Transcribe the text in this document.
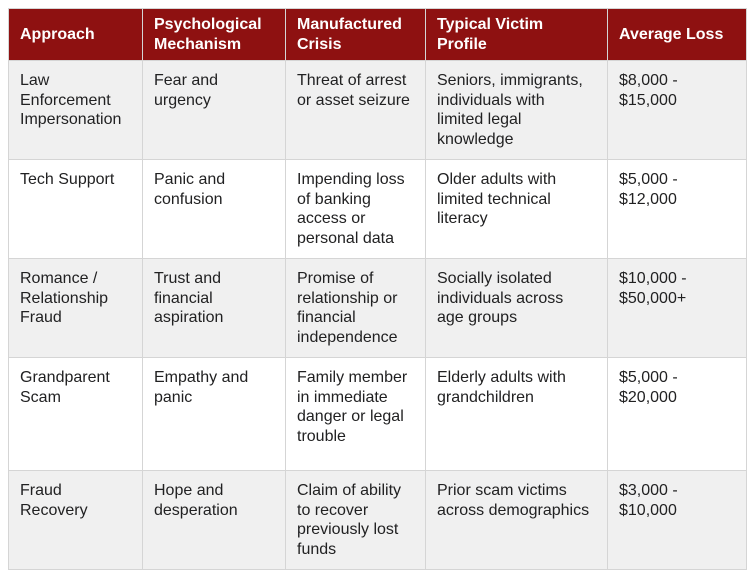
Approach	Psychological Mechanism	Manufactured Crisis	Typical Victim Profile	Average Loss
Law Enforcement Impersonation	Fear and urgency	Threat of arrest or asset seizure	Seniors, immigrants, individuals with limited legal knowledge	$8,000 - $15,000
Tech Support	Panic and confusion	Impending loss of banking access or personal data	Older adults with limited technical literacy	$5,000 - $12,000
Romance / Relationship Fraud	Trust and financial aspiration	Promise of relationship or financial independence	Socially isolated individuals across age groups	$10,000 - $50,000+
Grandparent Scam	Empathy and panic	Family member in immediate danger or legal trouble	Elderly adults with grandchildren	$5,000 - $20,000
Fraud Recovery	Hope and desperation	Claim of ability to recover previously lost funds	Prior scam victims across demographics	$3,000 - $10,000
